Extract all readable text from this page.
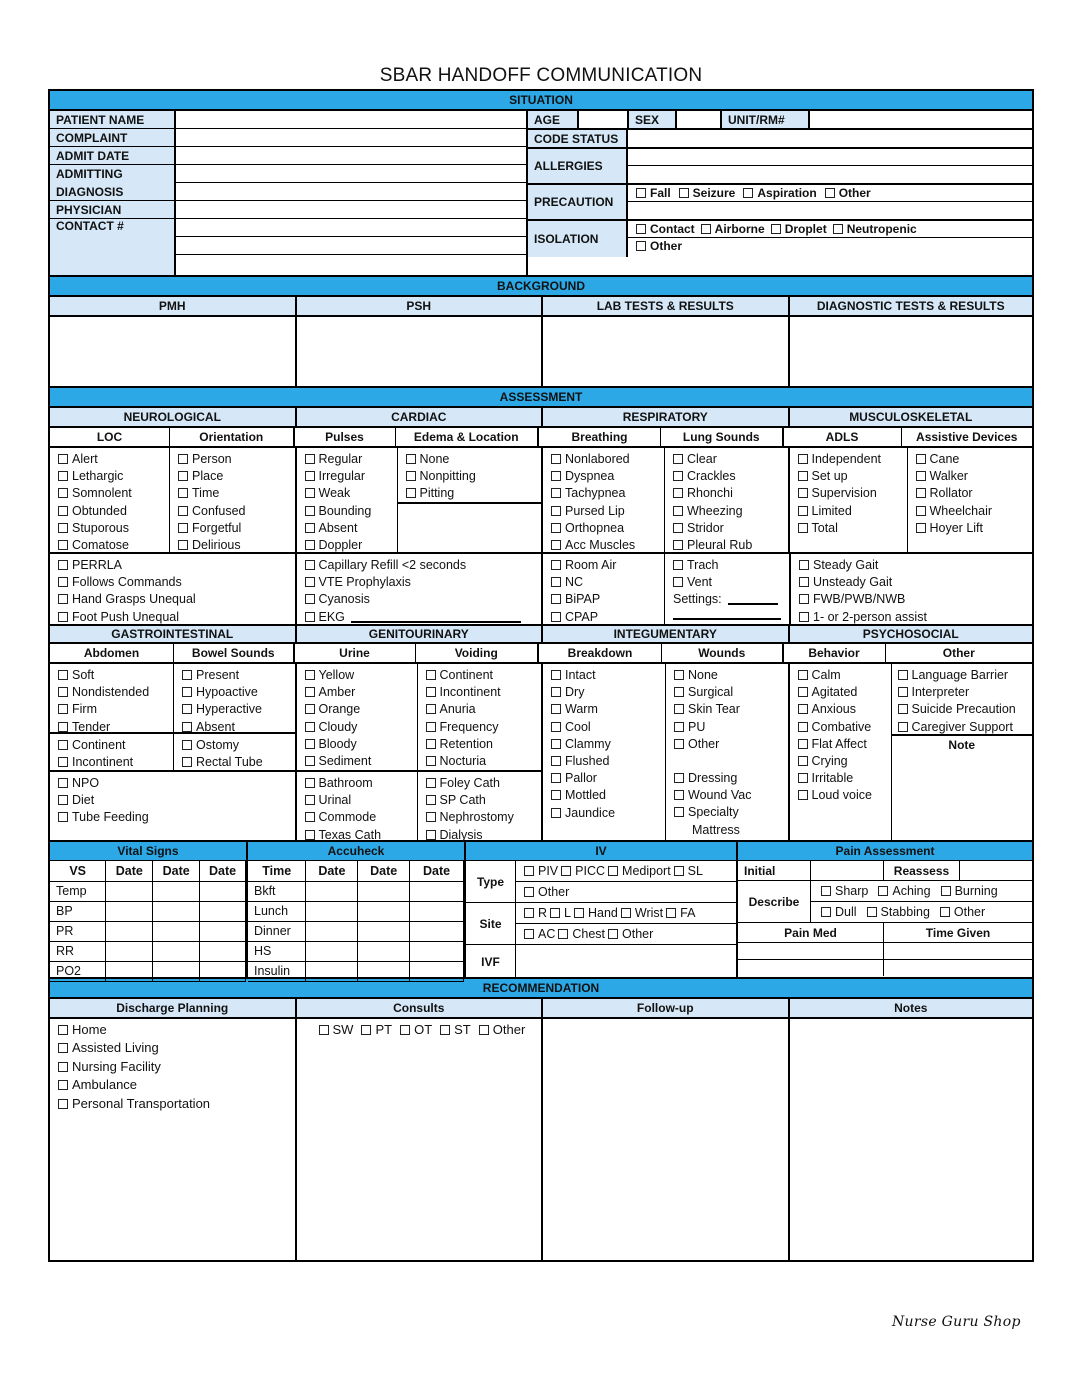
SBAR HANDOFF COMMUNICATION
SITUATION
PATIENT NAME
COMPLAINT
ADMIT DATE
ADMITTING
DIAGNOSIS
PHYSICIAN
CONTACT #
AGE	SEX	UNIT/RM#
CODE STATUS
ALLERGIES
PRECAUTION
Fall Seizure Aspiration Other
ISOLATION
Contact Airborne Droplet Neutropenic
Other
BACKGROUND
PMH	PSH	LAB TESTS & RESULTS	DIAGNOSTIC TESTS & RESULTS
ASSESSMENT
NEUROLOGICAL	CARDIAC	RESPIRATORY	MUSCULOSKELETAL
LOC	Orientation	Pulses	Edema & Location	Breathing	Lung Sounds	ADLS	Assistive Devices
Alert
Lethargic
Somnolent
Obtunded
Stuporous
Comatose
Person
Place
Time
Confused
Forgetful
Delirious
Regular
Irregular
Weak
Bounding
Absent
Doppler
None
Nonpitting
Pitting
Nonlabored
Dyspnea
Tachypnea
Pursed Lip
Orthopnea
Acc Muscles
Clear
Crackles
Rhonchi
Wheezing
Stridor
Pleural Rub
Independent
Set up
Supervision
Limited
Total
Cane
Walker
Rollator
Wheelchair
Hoyer Lift
PERRLA
Follows Commands
Hand Grasps Unequal
Foot Push Unequal
Capillary Refill <2 seconds
VTE Prophylaxis
Cyanosis
EKG
Room Air
NC
BiPAP
CPAP
Trach
Vent
Settings:
Steady Gait
Unsteady Gait
FWB/PWB/NWB
1- or 2-person assist
GASTROINTESTINAL	GENITOURINARY	INTEGUMENTARY	PSYCHOSOCIAL
Abdomen	Bowel Sounds	Urine	Voiding	Breakdown	Wounds	Behavior	Other
Soft
Nondistended
Firm
Tender
Present
Hypoactive
Hyperactive
Absent
Continent
Incontinent
Ostomy
Rectal Tube
NPO
Diet
Tube Feeding
Yellow
Amber
Orange
Cloudy
Bloody
Sediment
Continent
Incontinent
Anuria
Frequency
Retention
Nocturia
Bathroom
Urinal
Commode
Texas Cath
Foley Cath
SP Cath
Nephrostomy
Dialysis
Intact
Dry
Warm
Cool
Clammy
Flushed
Pallor
Mottled
Jaundice
None
Surgical
Skin Tear
PU
Other
Dressing
Wound Vac
Specialty
Mattress
Calm
Agitated
Anxious
Combative
Flat Affect
Crying
Irritable
Loud voice
Language Barrier
Interpreter
Suicide Precaution
Caregiver Support
Note
Vital Signs
VS	Date	Date	Date
Temp			
BP			
PR			
RR			
PO2			
Accuheck
Time	Date	Date	Date
Bkft			
Lunch			
Dinner			
HS			
Insulin			
IV
Type
PIV PICC Mediport SL
Other
Site
R L Hand Wrist FA
AC Chest Other
IVF
Pain Assessment
Initial	Reassess
Describe
Sharp Aching Burning
Dull Stabbing Other
Pain Med	Time Given
RECOMMENDATION
Discharge Planning	Consults	Follow-up	Notes
Home
Assisted Living
Nursing Facility
Ambulance
Personal Transportation
SW PT OT ST Other
Nurse Guru Shop
